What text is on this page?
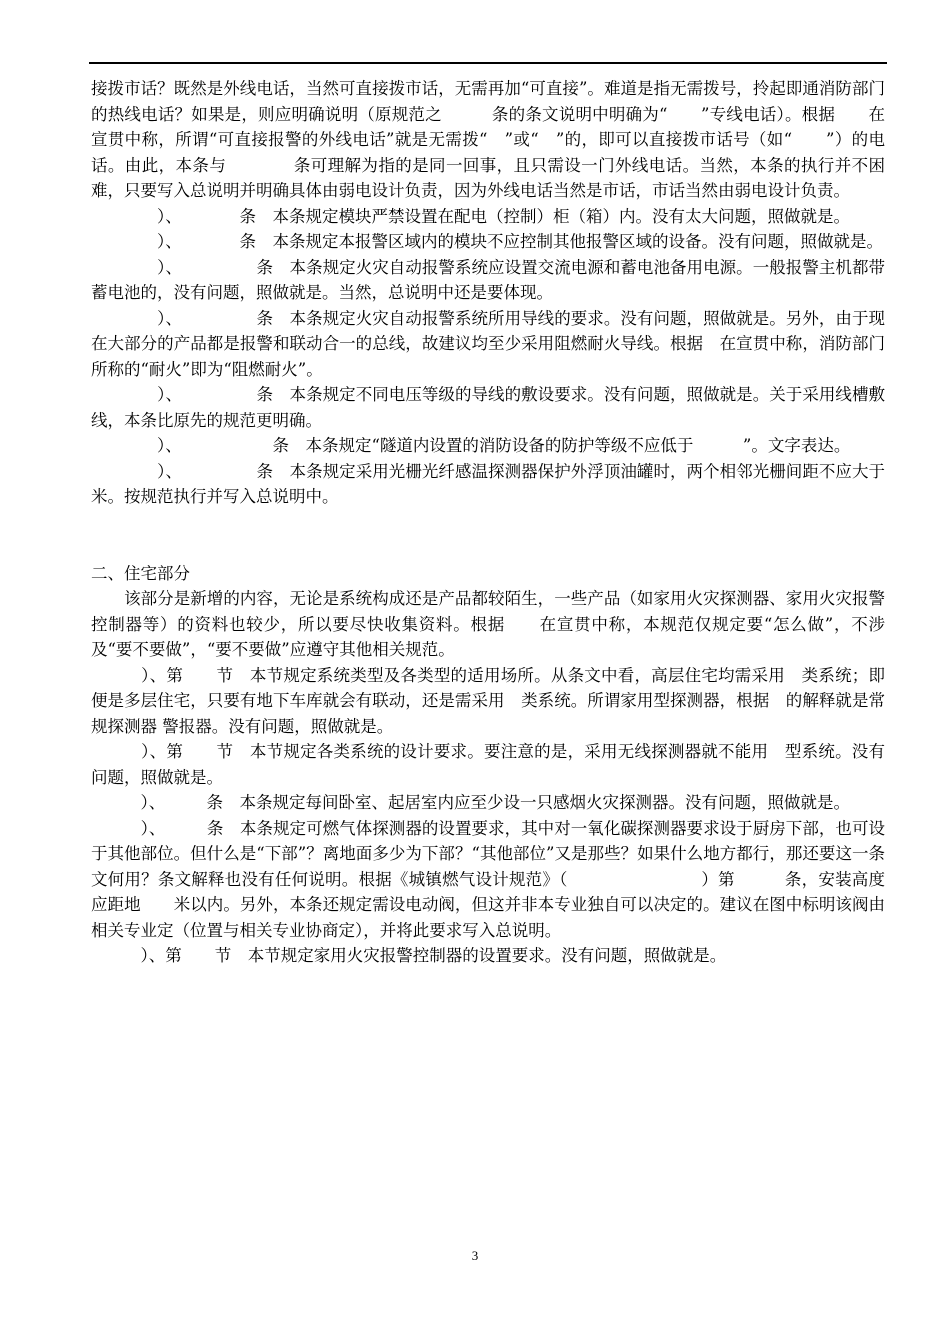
接拨市话？既然是外线电话，当然可直接拨市话，无需再加“可直接”。难道是指无需拨号，拎起即通消防部门的热线电话？如果是，则应明确说明（原规范之　　　条的条文说明中明确为“　　”专线电话）。根据　　在宣贯中称，所谓“可直接报警的外线电话”就是无需拨“　”或“　”的，即可以直接拨市话号（如“　　”）的电话。由此，本条与　　　　条可理解为指的是同一回事，且只需设一门外线电话。当然，本条的执行并不困难，只要写入总说明并明确具体由弱电设计负责，因为外线电话当然是市话，市话当然由弱电设计负责。

　　　　）、　　　　条　本条规定模块严禁设置在配电（控制）柜（箱）内。没有太大问题，照做就是。

　　　　）、　　　　条　本条规定本报警区域内的模块不应控制其他报警区域的设备。没有问题，照做就是。

　　　　）、　　　　　条　本条规定火灾自动报警系统应设置交流电源和蓄电池备用电源。一般报警主机都带蓄电池的，没有问题，照做就是。当然，总说明中还是要体现。

　　　　）、　　　　　条　本条规定火灾自动报警系统所用导线的要求。没有问题，照做就是。另外，由于现在大部分的产品都是报警和联动合一的总线，故建议均至少采用阻燃耐火导线。根据　在宣贯中称，消防部门所称的“耐火”即为“阻燃耐火”。

　　　　）、　　　　　条　本条规定不同电压等级的导线的敷设要求。没有问题，照做就是。关于采用线槽敷线，本条比原先的规范更明确。

　　　　）、　　　　　　条　本条规定“隧道内设置的消防设备的防护等级不应低于　　　”。文字表达。

　　　　）、　　　　　条　本条规定采用光栅光纤感温探测器保护外浮顶油罐时，两个相邻光栅间距不应大于　米。按规范执行并写入总说明中。

二、住宅部分

　　该部分是新增的内容，无论是系统构成还是产品都较陌生，一些产品（如家用火灾探测器、家用火灾报警控制器等）的资料也较少，所以要尽快收集资料。根据　　在宣贯中称，本规范仅规定要“怎么做”，不涉及“要不要做”，“要不要做”应遵守其他相关规范。

　　　）、第　　节　本节规定系统类型及各类型的适用场所。从条文中看，高层住宅均需采用　类系统；即便是多层住宅，只要有地下车库就会有联动，还是需采用　类系统。所谓家用型探测器，根据　的解释就是常规探测器 警报器。没有问题，照做就是。

　　　）、第　　节　本节规定各类系统的设计要求。要注意的是，采用无线探测器就不能用　型系统。没有问题，照做就是。

　　　）、　　　条　本条规定每间卧室、起居室内应至少设一只感烟火灾探测器。没有问题，照做就是。

　　　）、　　　条　本条规定可燃气体探测器的设置要求，其中对一氧化碳探测器要求设于厨房下部，也可设于其他部位。但什么是“下部”？离地面多少为下部？“其他部位”又是那些？如果什么地方都行，那还要这一条文何用？条文解释也没有任何说明。根据《城镇燃气设计规范》（　　　　　　　　）第　　　条，安装高度应距地　　米以内。另外，本条还规定需设电动阀，但这并非本专业独自可以决定的。建议在图中标明该阀由相关专业定（位置与相关专业协商定），并将此要求写入总说明。

　　　）、第　　节　本节规定家用火灾报警控制器的设置要求。没有问题，照做就是。

3
